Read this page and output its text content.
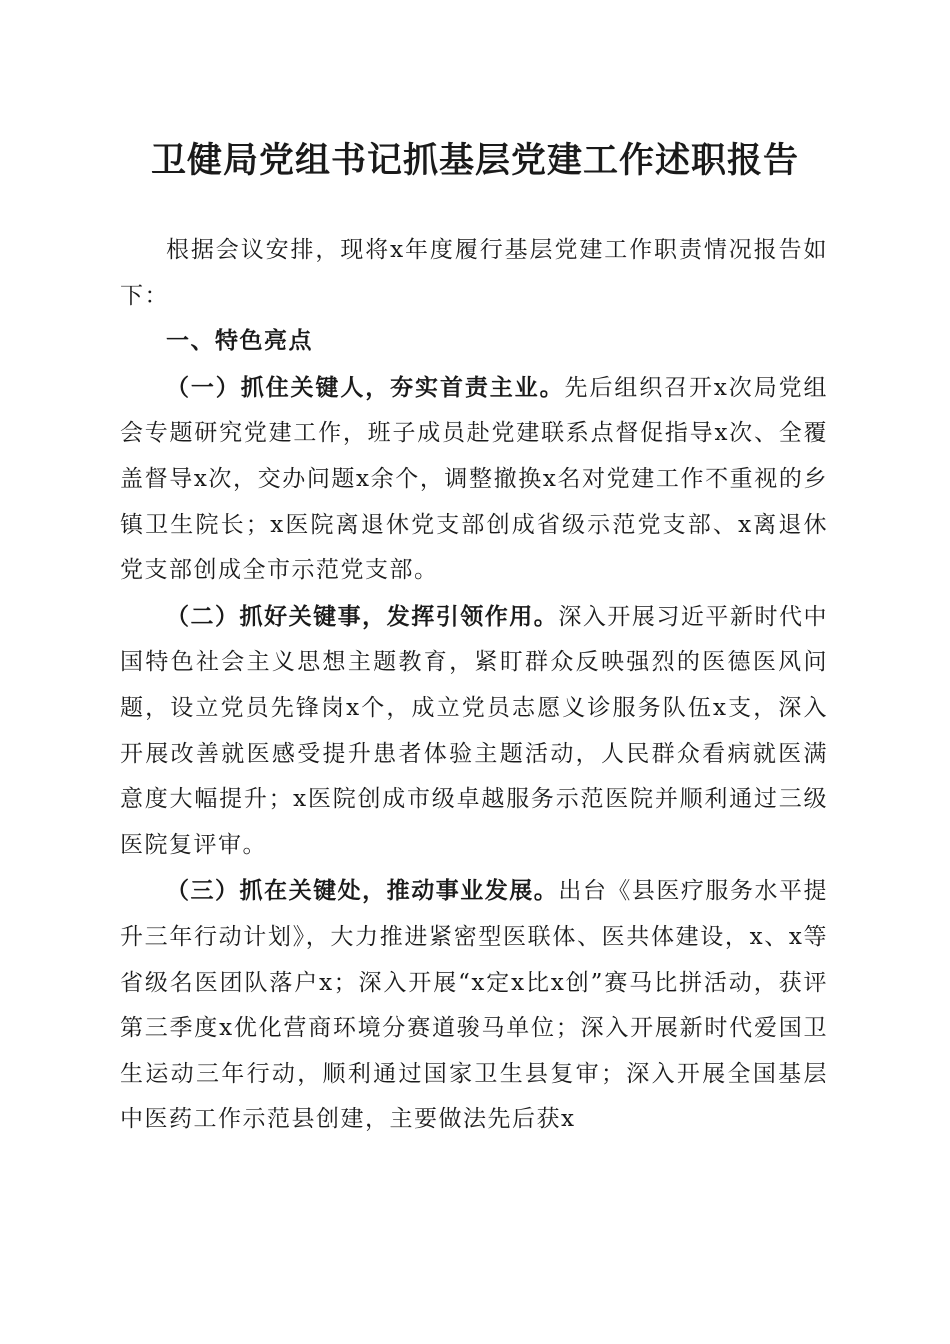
卫健局党组书记抓基层党建工作述职报告

根据会议安排，现将x年度履行基层党建工作职责情况报告如下：

一、特色亮点

（一）抓住关键人，夯实首责主业。先后组织召开x次局党组会专题研究党建工作，班子成员赴党建联系点督促指导x次、全覆盖督导x次，交办问题x余个，调整撤换x名对党建工作不重视的乡镇卫生院长；x医院离退休党支部创成省级示范党支部、x离退休党支部创成全市示范党支部。

（二）抓好关键事，发挥引领作用。深入开展习近平新时代中国特色社会主义思想主题教育，紧盯群众反映强烈的医德医风问题，设立党员先锋岗x个，成立党员志愿义诊服务队伍x支，深入开展改善就医感受提升患者体验主题活动，人民群众看病就医满意度大幅提升；x医院创成市级卓越服务示范医院并顺利通过三级医院复评审。

（三）抓在关键处，推动事业发展。出台《县医疗服务水平提升三年行动计划》，大力推进紧密型医联体、医共体建设，x、x等省级名医团队落户x；深入开展“x定x比x创”赛马比拼活动，获评第三季度x优化营商环境分赛道骏马单位；深入开展新时代爱国卫生运动三年行动，顺利通过国家卫生县复审；深入开展全国基层中医药工作示范县创建，主要做法先后获x
